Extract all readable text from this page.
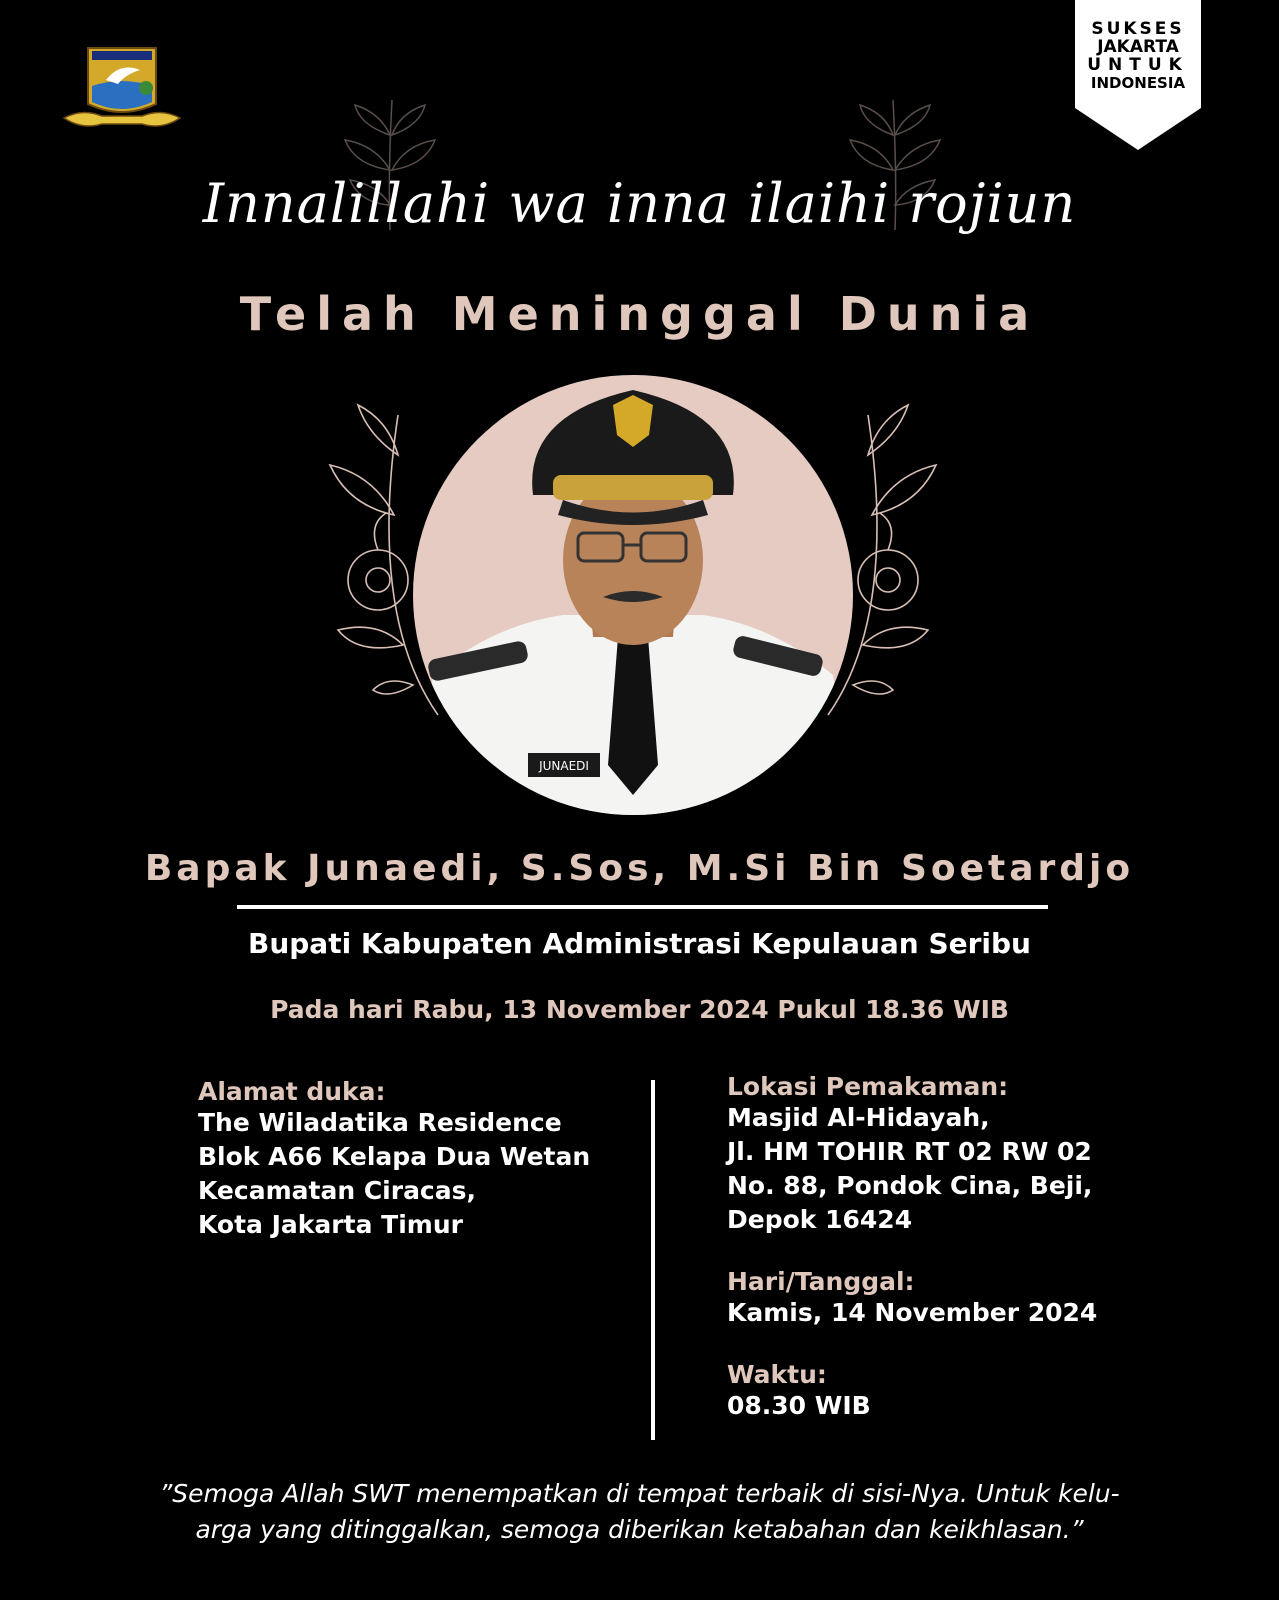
SUKSES
JAKARTA
UNTUK
INDONESIA
Innalillahi wa inna ilaihi rojiun
Telah Meninggal Dunia
JUNAEDI
Bapak Junaedi, S.Sos, M.Si Bin Soetardjo
Bupati Kabupaten Administrasi Kepulauan Seribu
Pada hari Rabu, 13 November 2024 Pukul 18.36 WIB
Alamat duka:
The Wiladatika Residence
Blok A66 Kelapa Dua Wetan
Kecamatan Ciracas,
Kota Jakarta Timur
Lokasi Pemakaman:
Masjid Al-Hidayah,
Jl. HM TOHIR RT 02 RW 02
No. 88, Pondok Cina, Beji,
Depok 16424
Hari/Tanggal:
Kamis, 14 November 2024
Waktu:
08.30 WIB
”Semoga Allah SWT menempatkan di tempat terbaik di sisi-Nya. Untuk kelu-
arga yang ditinggalkan, semoga diberikan ketabahan dan keikhlasan.”
